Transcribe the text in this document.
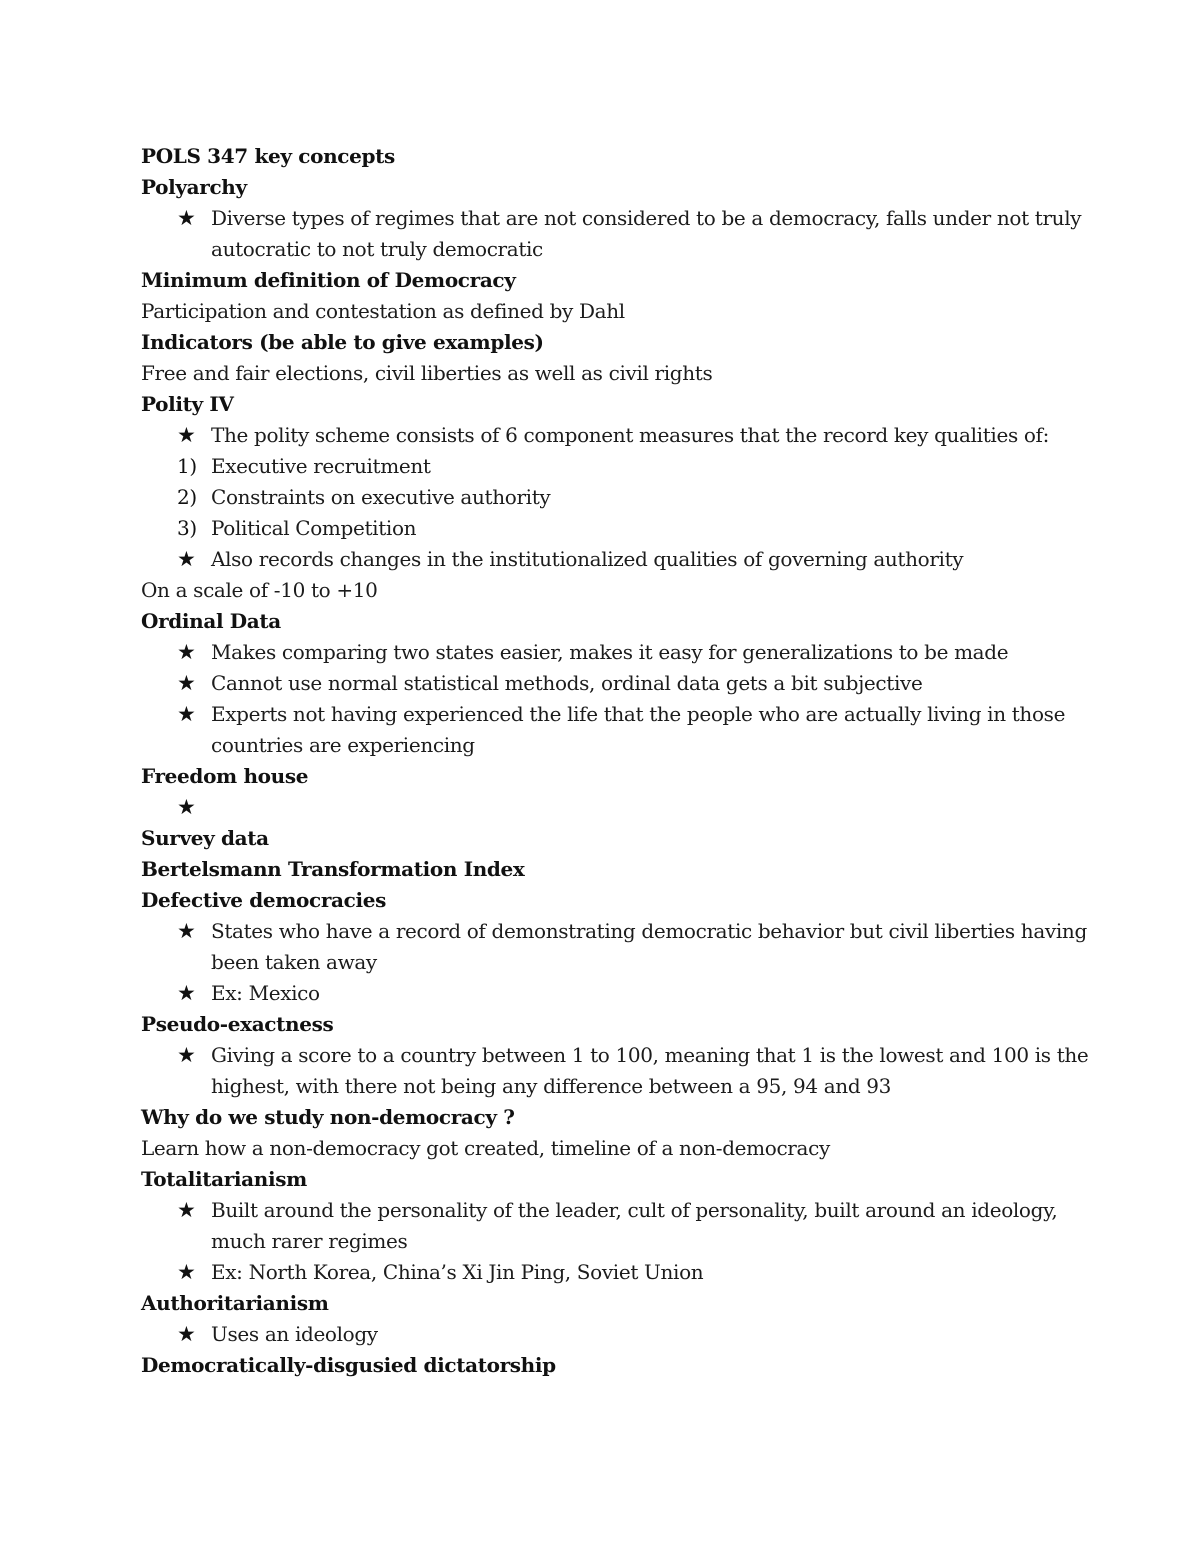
POLS 347 key concepts
Polyarchy
★ Diverse types of regimes that are not considered to be a democracy, falls under not truly
autocratic to not truly democratic
Minimum definition of Democracy
Participation and contestation as defined by Dahl
Indicators (be able to give examples)
Free and fair elections, civil liberties as well as civil rights
Polity IV
★ The polity scheme consists of 6 component measures that the record key qualities of:
1) Executive recruitment
2) Constraints on executive authority
3) Political Competition
★ Also records changes in the institutionalized qualities of governing authority
On a scale of -10 to +10
Ordinal Data
★ Makes comparing two states easier, makes it easy for generalizations to be made
★ Cannot use normal statistical methods, ordinal data gets a bit subjective
★ Experts not having experienced the life that the people who are actually living in those
countries are experiencing
Freedom house
★

Survey data
Bertelsmann Transformation Index
Defective democracies
★ States who have a record of demonstrating democratic behavior but civil liberties having
been taken away
★ Ex: Mexico
Pseudo-exactness
★ Giving a score to a country between 1 to 100, meaning that 1 is the lowest and 100 is the
highest, with there not being any difference between a 95, 94 and 93
Why do we study non-democracy ?
Learn how a non-democracy got created, timeline of a non-democracy
Totalitarianism
★ Built around the personality of the leader, cult of personality, built around an ideology,
much rarer regimes
★ Ex: North Korea, China’s Xi Jin Ping, Soviet Union
Authoritarianism
★ Uses an ideology
Democratically-disgusied dictatorship
